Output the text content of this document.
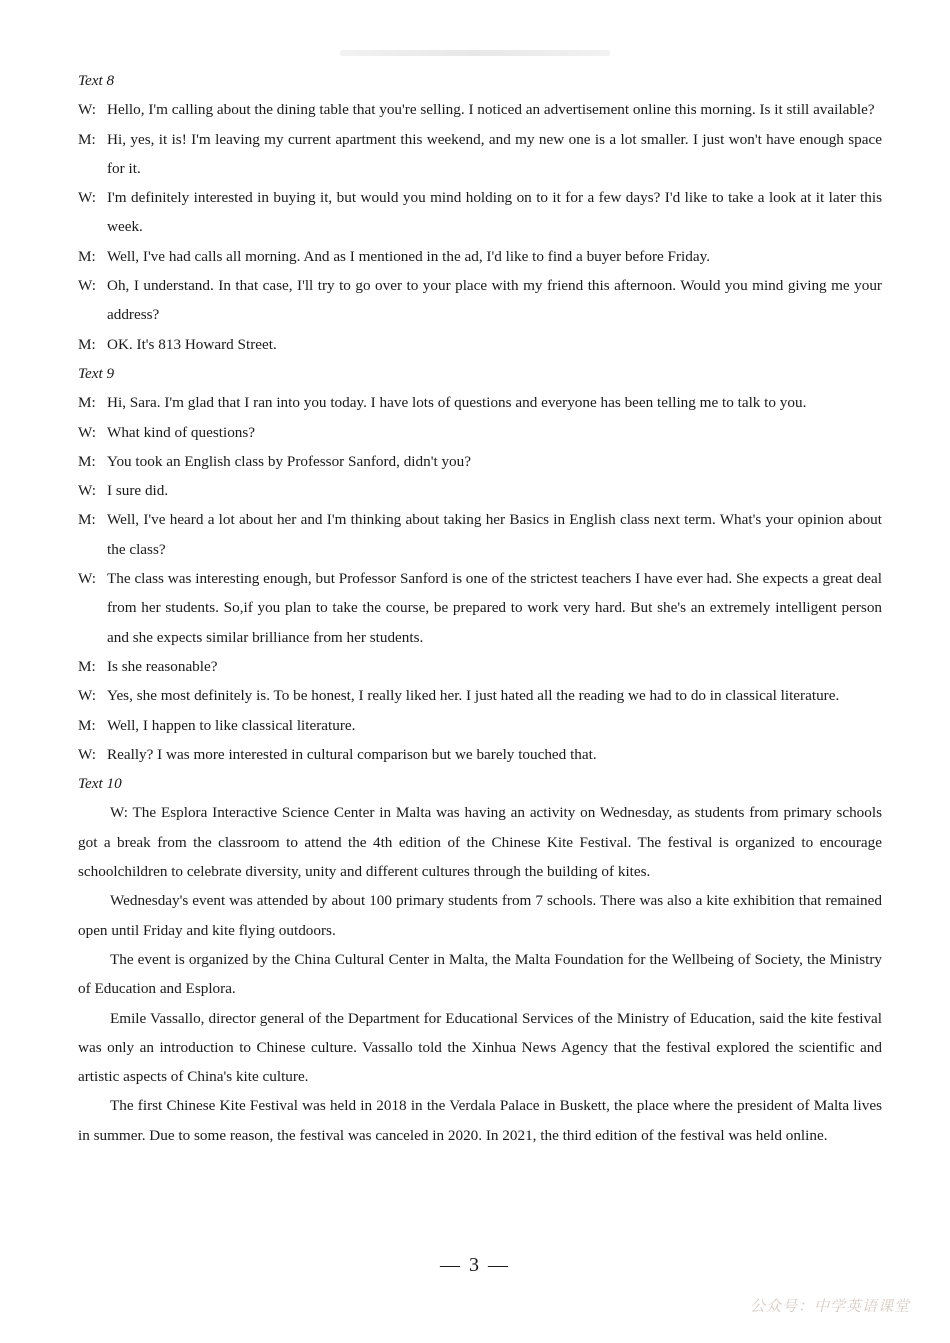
Text 8

W: Hello, I'm calling about the dining table that you're selling. I noticed an advertisement online this morning. Is it still available?
M: Hi, yes, it is! I'm leaving my current apartment this weekend, and my new one is a lot smaller. I just won't have enough space for it.
W: I'm definitely interested in buying it, but would you mind holding on to it for a few days? I'd like to take a look at it later this week.
M: Well, I've had calls all morning. And as I mentioned in the ad, I'd like to find a buyer before Friday.
W: Oh, I understand. In that case, I'll try to go over to your place with my friend this afternoon. Would you mind giving me your address?
M: OK. It's 813 Howard Street.

Text 9

M: Hi, Sara. I'm glad that I ran into you today. I have lots of questions and everyone has been telling me to talk to you.
W: What kind of questions?
M: You took an English class by Professor Sanford, didn't you?
W: I sure did.
M: Well, I've heard a lot about her and I'm thinking about taking her Basics in English class next term. What's your opinion about the class?
W: The class was interesting enough, but Professor Sanford is one of the strictest teachers I have ever had. She expects a great deal from her students. So,if you plan to take the course, be prepared to work very hard. But she's an extremely intelligent person and she expects similar brilliance from her students.
M: Is she reasonable?
W: Yes, she most definitely is. To be honest, I really liked her. I just hated all the reading we had to do in classical literature.
M: Well, I happen to like classical literature.
W: Really? I was more interested in cultural comparison but we barely touched that.

Text 10

W: The Esplora Interactive Science Center in Malta was having an activity on Wednesday, as students from primary schools got a break from the classroom to attend the 4th edition of the Chinese Kite Festival. The festival is organized to encourage schoolchildren to celebrate diversity, unity and different cultures through the building of kites.

Wednesday's event was attended by about 100 primary students from 7 schools. There was also a kite exhibition that remained open until Friday and kite flying outdoors.

The event is organized by the China Cultural Center in Malta, the Malta Foundation for the Wellbeing of Society, the Ministry of Education and Esplora.

Emile Vassallo, director general of the Department for Educational Services of the Ministry of Education, said the kite festival was only an introduction to Chinese culture. Vassallo told the Xinhua News Agency that the festival explored the scientific and artistic aspects of China's kite culture.

The first Chinese Kite Festival was held in 2018 in the Verdala Palace in Buskett, the place where the president of Malta lives in summer. Due to some reason, the festival was canceled in 2020. In 2021, the third edition of the festival was held online.

— 3 —
公众号：中学英语课堂
